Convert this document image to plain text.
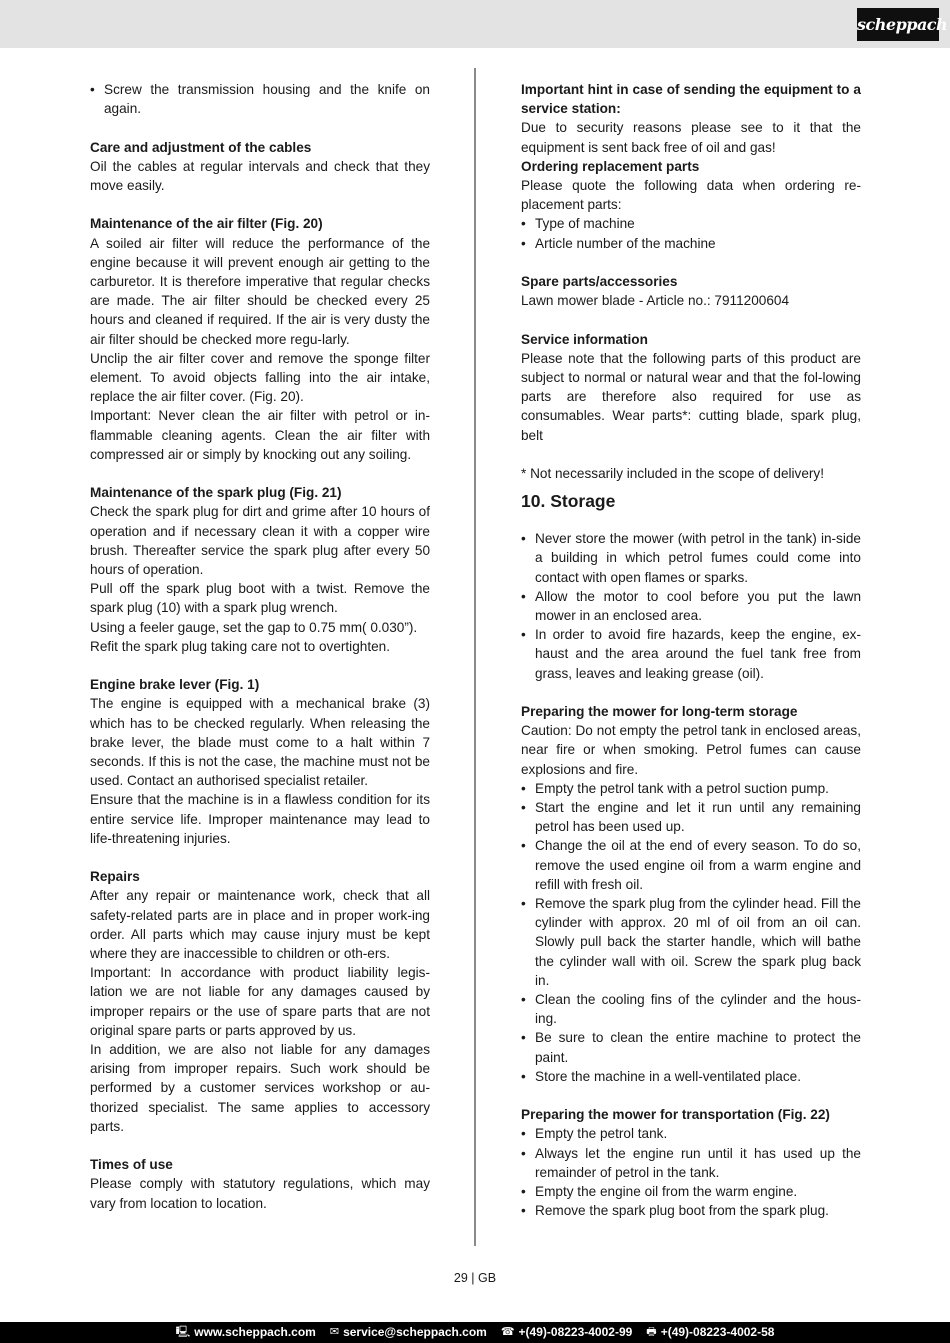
scheppach
• Screw the transmission housing and the knife on again.

Care and adjustment of the cables

Oil the cables at regular intervals and check that they move easily.

Maintenance of the air filter (Fig. 20)

A soiled air filter will reduce the performance of the engine because it will prevent enough air getting to the carburetor. It is therefore imperative that regular checks are made. The air filter should be checked every 25 hours and cleaned if required. If the air is very dusty the air filter should be checked more regu-larly.

Unclip the air filter cover and remove the sponge filter element. To avoid objects falling into the air intake, replace the air filter cover. (Fig. 20).

Important: Never clean the air filter with petrol or in-flammable cleaning agents. Clean the air filter with compressed air or simply by knocking out any soiling.

Maintenance of the spark plug (Fig. 21)

Check the spark plug for dirt and grime after 10 hours of operation and if necessary clean it with a copper wire brush. Thereafter service the spark plug after every 50 hours of operation.

Pull off the spark plug boot with a twist. Remove the spark plug (10) with a spark plug wrench.

Using a feeler gauge, set the gap to 0.75 mm( 0.030”).

Refit the spark plug taking care not to overtighten.

Engine brake lever (Fig. 1)

The engine is equipped with a mechanical brake (3) which has to be checked regularly. When releasing the brake lever, the blade must come to a halt within 7 seconds. If this is not the case, the machine must not be used. Contact an authorised specialist retailer.

Ensure that the machine is in a flawless condition for its entire service life. Improper maintenance may lead to life-threatening injuries.

Repairs

After any repair or maintenance work, check that all safety-related parts are in place and in proper work-ing order. All parts which may cause injury must be kept where they are inaccessible to children or oth-ers.

Important: In accordance with product liability legis-lation we are not liable for any damages caused by improper repairs or the use of spare parts that are not original spare parts or parts approved by us.

In addition, we are also not liable for any damages arising from improper repairs. Such work should be performed by a customer services workshop or au-thorized specialist. The same applies to accessory parts.

Times of use

Please comply with statutory regulations, which may vary from location to location.

Important hint in case of sending the equipment to a service station:

Due to security reasons please see to it that the equipment is sent back free of oil and gas!

Ordering replacement parts

Please quote the following data when ordering re-placement parts:

• Type of machine
• Article number of the machine

Spare parts/accessories

Lawn mower blade - Article no.: 7911200604

Service information

Please note that the following parts of this product are subject to normal or natural wear and that the fol-lowing parts are therefore also required for use as consumables. Wear parts*: cutting blade, spark plug, belt

* Not necessarily included in the scope of delivery!

10. Storage
• Never store the mower (with petrol in the tank) in-side a building in which petrol fumes could come into contact with open flames or sparks.
• Allow the motor to cool before you put the lawn mower in an enclosed area.
• In order to avoid fire hazards, keep the engine, ex-haust and the area around the fuel tank free from grass, leaves and leaking grease (oil).

Preparing the mower for long-term storage

Caution: Do not empty the petrol tank in enclosed areas, near fire or when smoking. Petrol fumes can cause explosions and fire.

• Empty the petrol tank with a petrol suction pump.
• Start the engine and let it run until any remaining petrol has been used up.
• Change the oil at the end of every season. To do so, remove the used engine oil from a warm engine and refill with fresh oil.
• Remove the spark plug from the cylinder head. Fill the cylinder with approx. 20 ml of oil from an oil can. Slowly pull back the starter handle, which will bathe the cylinder wall with oil. Screw the spark plug back in.
• Clean the cooling fins of the cylinder and the hous-ing.
• Be sure to clean the entire machine to protect the paint.
• Store the machine in a well-ventilated place.

Preparing the mower for transportation (Fig. 22)

• Empty the petrol tank.
• Always let the engine run until it has used up the remainder of petrol in the tank.
• Empty the engine oil from the warm engine.
• Remove the spark plug boot from the spark plug.
29 | GB
🖳 www.scheppach.com ✉ service@scheppach.com ☎ +(49)-08223-4002-99 🖶 +(49)-08223-4002-58
